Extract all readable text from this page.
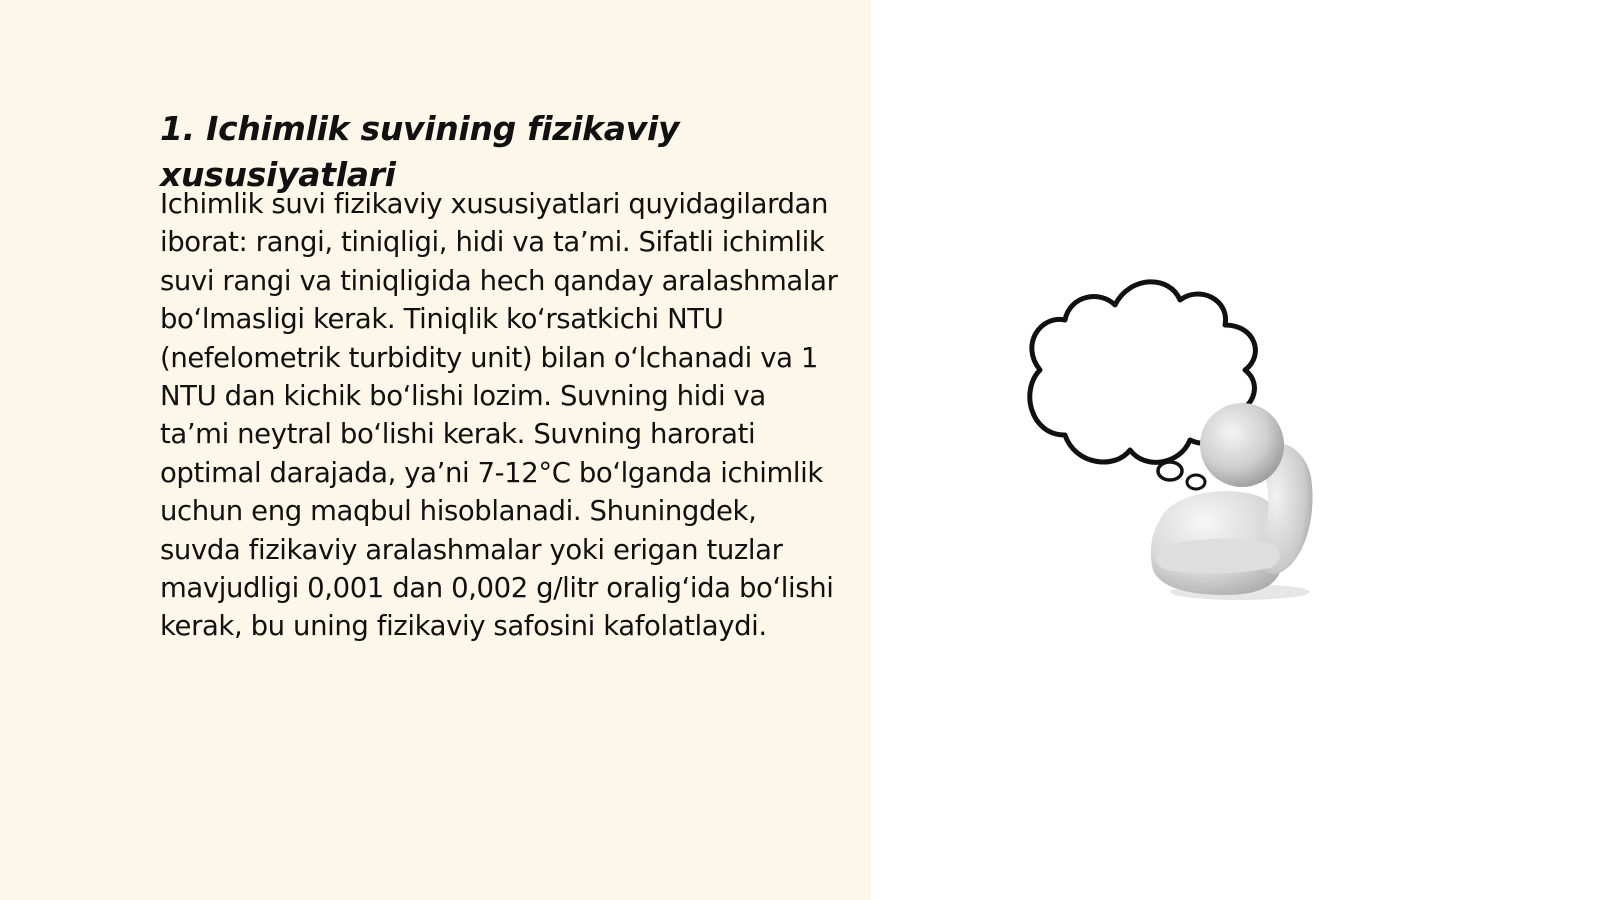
1. Ichimlik suvining fizikaviy xususiyatlari

Ichimlik suvi fizikaviy xususiyatlari quyidagilardan iborat: rangi, tiniqligi, hidi va ta’mi. Sifatli ichimlik suvi rangi va tiniqligida hech qanday aralashmalar bo‘lmasligi kerak. Tiniqlik ko‘rsatkichi NTU (nefelometrik turbidity unit) bilan o‘lchanadi va 1 NTU dan kichik bo‘lishi lozim. Suvning hidi va ta’mi neytral bo‘lishi kerak. Suvning harorati optimal darajada, ya’ni 7-12°C bo‘lganda ichimlik uchun eng maqbul hisoblanadi. Shuningdek, suvda fizikaviy aralashmalar yoki erigan tuzlar mavjudligi 0,001 dan 0,002 g/litr oralig‘ida bo‘lishi kerak, bu uning fizikaviy safosini kafolatlaydi.
